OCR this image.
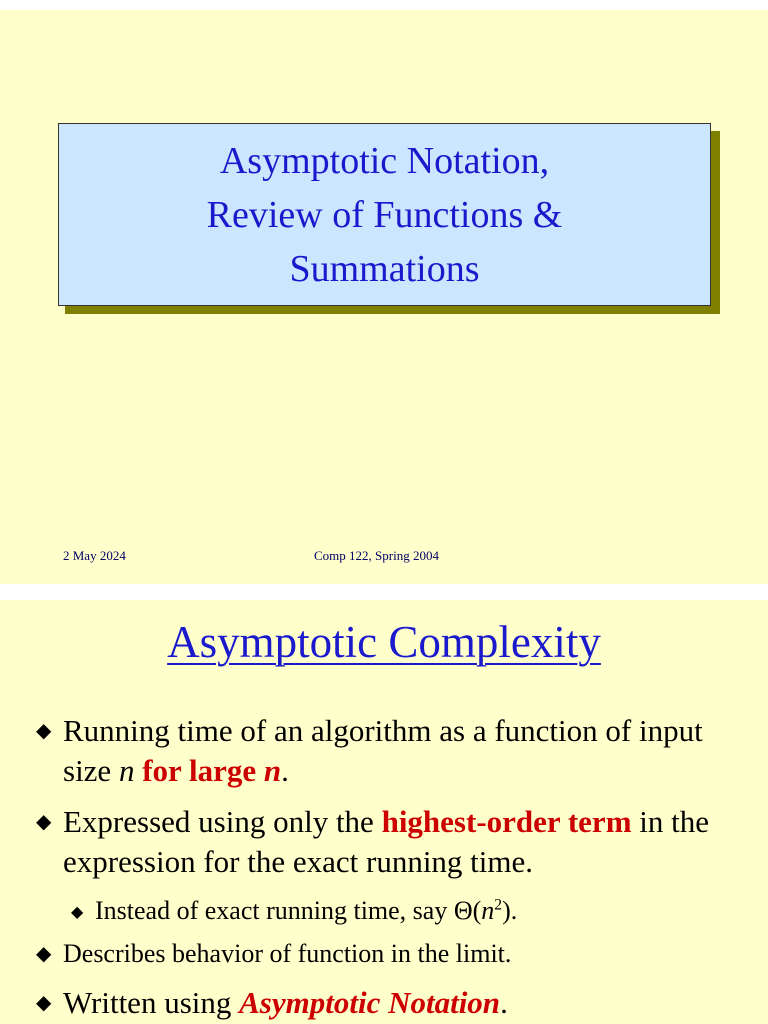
Asymptotic Notation,
Review of Functions &
Summations
2 May 2024	Comp 122, Spring 2004
Asymptotic Complexity
◆ Running time of an algorithm as a function of input size n for large n.
◆ Expressed using only the highest-order term in the expression for the exact running time.
◆ Instead of exact running time, say $\Theta(n^2)$.
◆ Describes behavior of function in the limit.
◆ Written using Asymptotic Notation.
